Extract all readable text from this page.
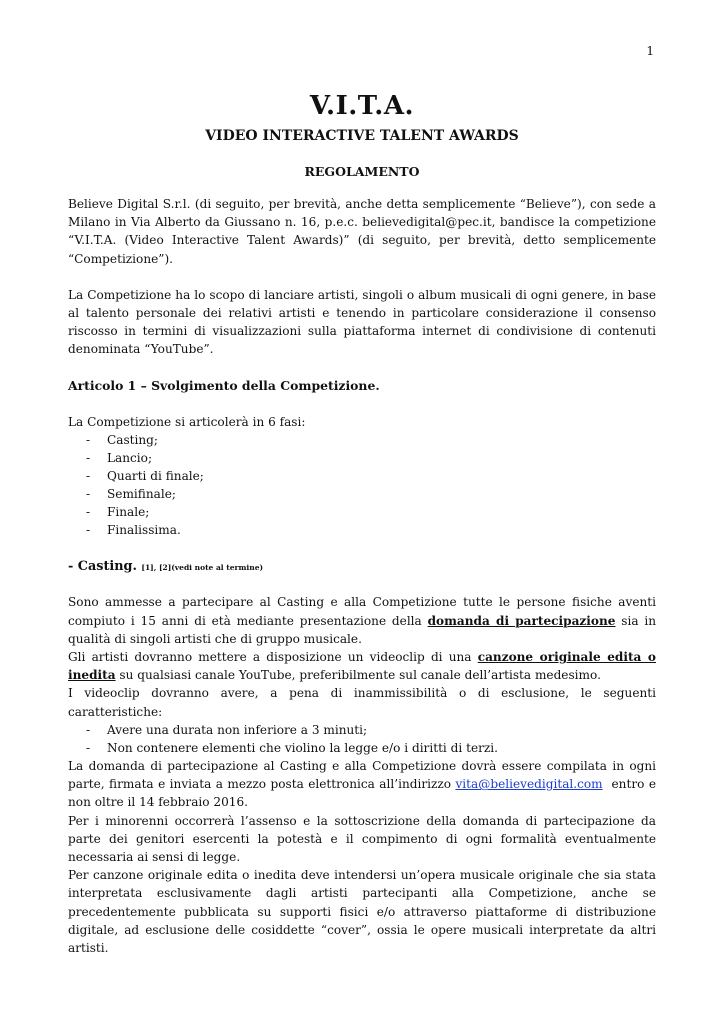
1
V.I.T.A.
VIDEO INTERACTIVE TALENT AWARDS
REGOLAMENTO

Believe Digital S.r.l. (di seguito, per brevità, anche detta semplicemente “Believe”), con sede a Milano in Via Alberto da Giussano n. 16, p.e.c. believedigital@pec.it, bandisce la competizione “V.I.T.A. (Video Interactive Talent Awards)” (di seguito, per brevità, detto semplicemente “Competizione”).

La Competizione ha lo scopo di lanciare artisti, singoli o album musicali di ogni genere, in base al talento personale dei relativi artisti e tenendo in particolare considerazione il consenso riscosso in termini di visualizzazioni sulla piattaforma internet di condivisione di contenuti denominata “YouTube”.

Articolo 1 – Svolgimento della Competizione.

La Competizione si articolerà in 6 fasi:

- Casting;
- Lancio;
- Quarti di finale;
- Semifinale;
- Finale;
- Finalissima.

- Casting. [1], [2](vedi note al termine)

Sono ammesse a partecipare al Casting e alla Competizione tutte le persone fisiche aventi compiuto i 15 anni di età mediante presentazione della domanda di partecipazione sia in qualità di singoli artisti che di gruppo musicale.

Gli artisti dovranno mettere a disposizione un videoclip di una canzone originale edita o inedita su qualsiasi canale YouTube, preferibilmente sul canale dell’artista medesimo.

I videoclip dovranno avere, a pena di inammissibilità o di esclusione, le seguenti caratteristiche:

- Avere una durata non inferiore a 3 minuti;
- Non contenere elementi che violino la legge e/o i diritti di terzi.

La domanda di partecipazione al Casting e alla Competizione dovrà essere compilata in ogni parte, firmata e inviata a mezzo posta elettronica all’indirizzo vita@believedigital.com  entro e non oltre il 14 febbraio 2016.

Per i minorenni occorrerà l’assenso e la sottoscrizione della domanda di partecipazione da parte dei genitori esercenti la potestà e il compimento di ogni formalità eventualmente necessaria ai sensi di legge.

Per canzone originale edita o inedita deve intendersi un’opera musicale originale che sia stata interpretata esclusivamente dagli artisti partecipanti alla Competizione, anche se precedentemente pubblicata su supporti fisici e/o attraverso piattaforme di distribuzione digitale, ad esclusione delle cosiddette “cover”, ossia le opere musicali interpretate da altri artisti.
